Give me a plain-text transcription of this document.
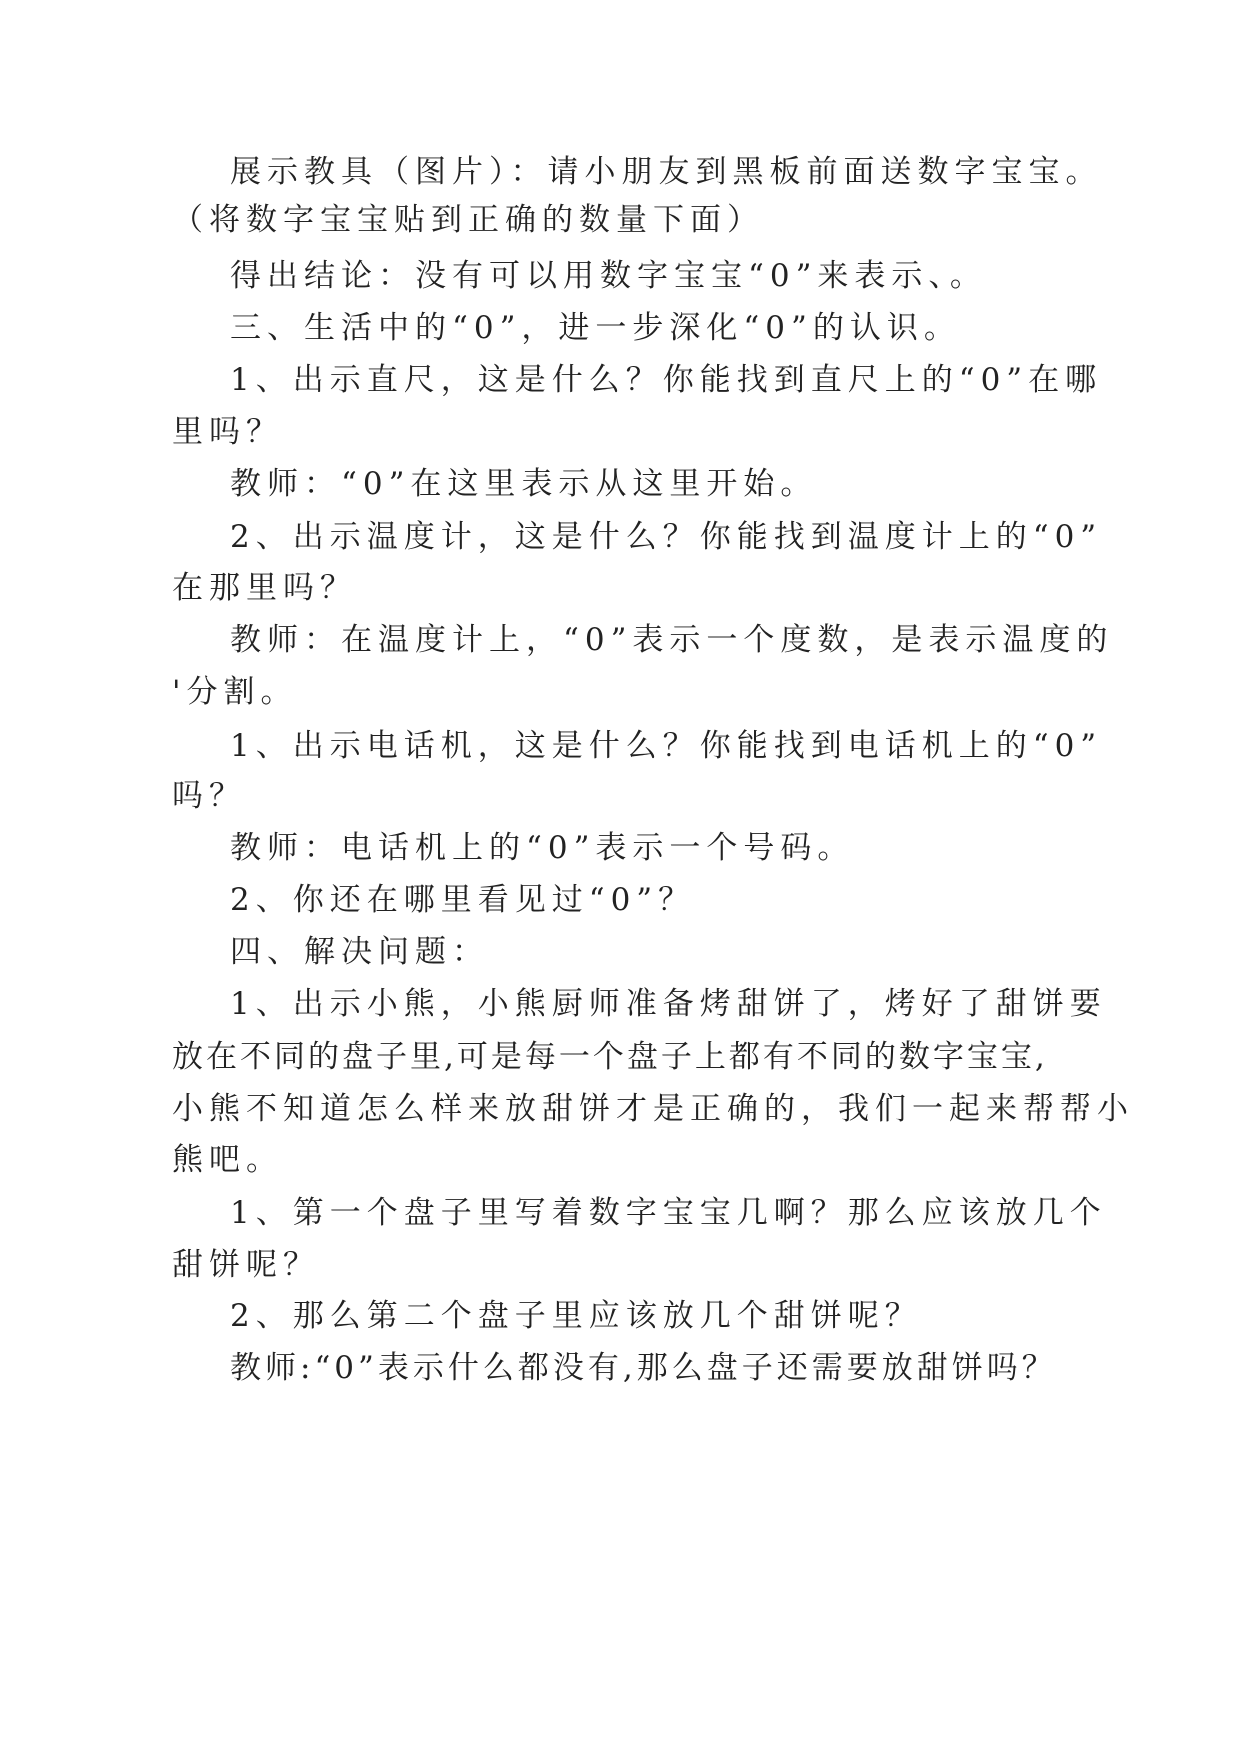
展示教具（图片）：请小朋友到黑板前面送数字宝宝。
（将数字宝宝贴到正确的数量下面）
得出结论：没有可以用数字宝宝“0”来表示、。
三、生活中的“0”，进一步深化“0”的认识。
1、出示直尺，这是什么？你能找到直尺上的“0”在哪
里吗？
教师：“0”在这里表示从这里开始。
2、出示温度计，这是什么？你能找到温度计上的“0”
在那里吗？
教师：在温度计上，“0”表示一个度数，是表示温度的
'分割。
1、出示电话机，这是什么？你能找到电话机上的“0”
吗？
教师：电话机上的“0”表示一个号码。
2、你还在哪里看见过“0”？
四、解决问题：
1、出示小熊，小熊厨师准备烤甜饼了，烤好了甜饼要
放在不同的盘子里,可是每一个盘子上都有不同的数字宝宝,
小熊不知道怎么样来放甜饼才是正确的，我们一起来帮帮小
熊吧。
1、第一个盘子里写着数字宝宝几啊？那么应该放几个
甜饼呢？
2、那么第二个盘子里应该放几个甜饼呢？
教师:“0”表示什么都没有,那么盘子还需要放甜饼吗？
